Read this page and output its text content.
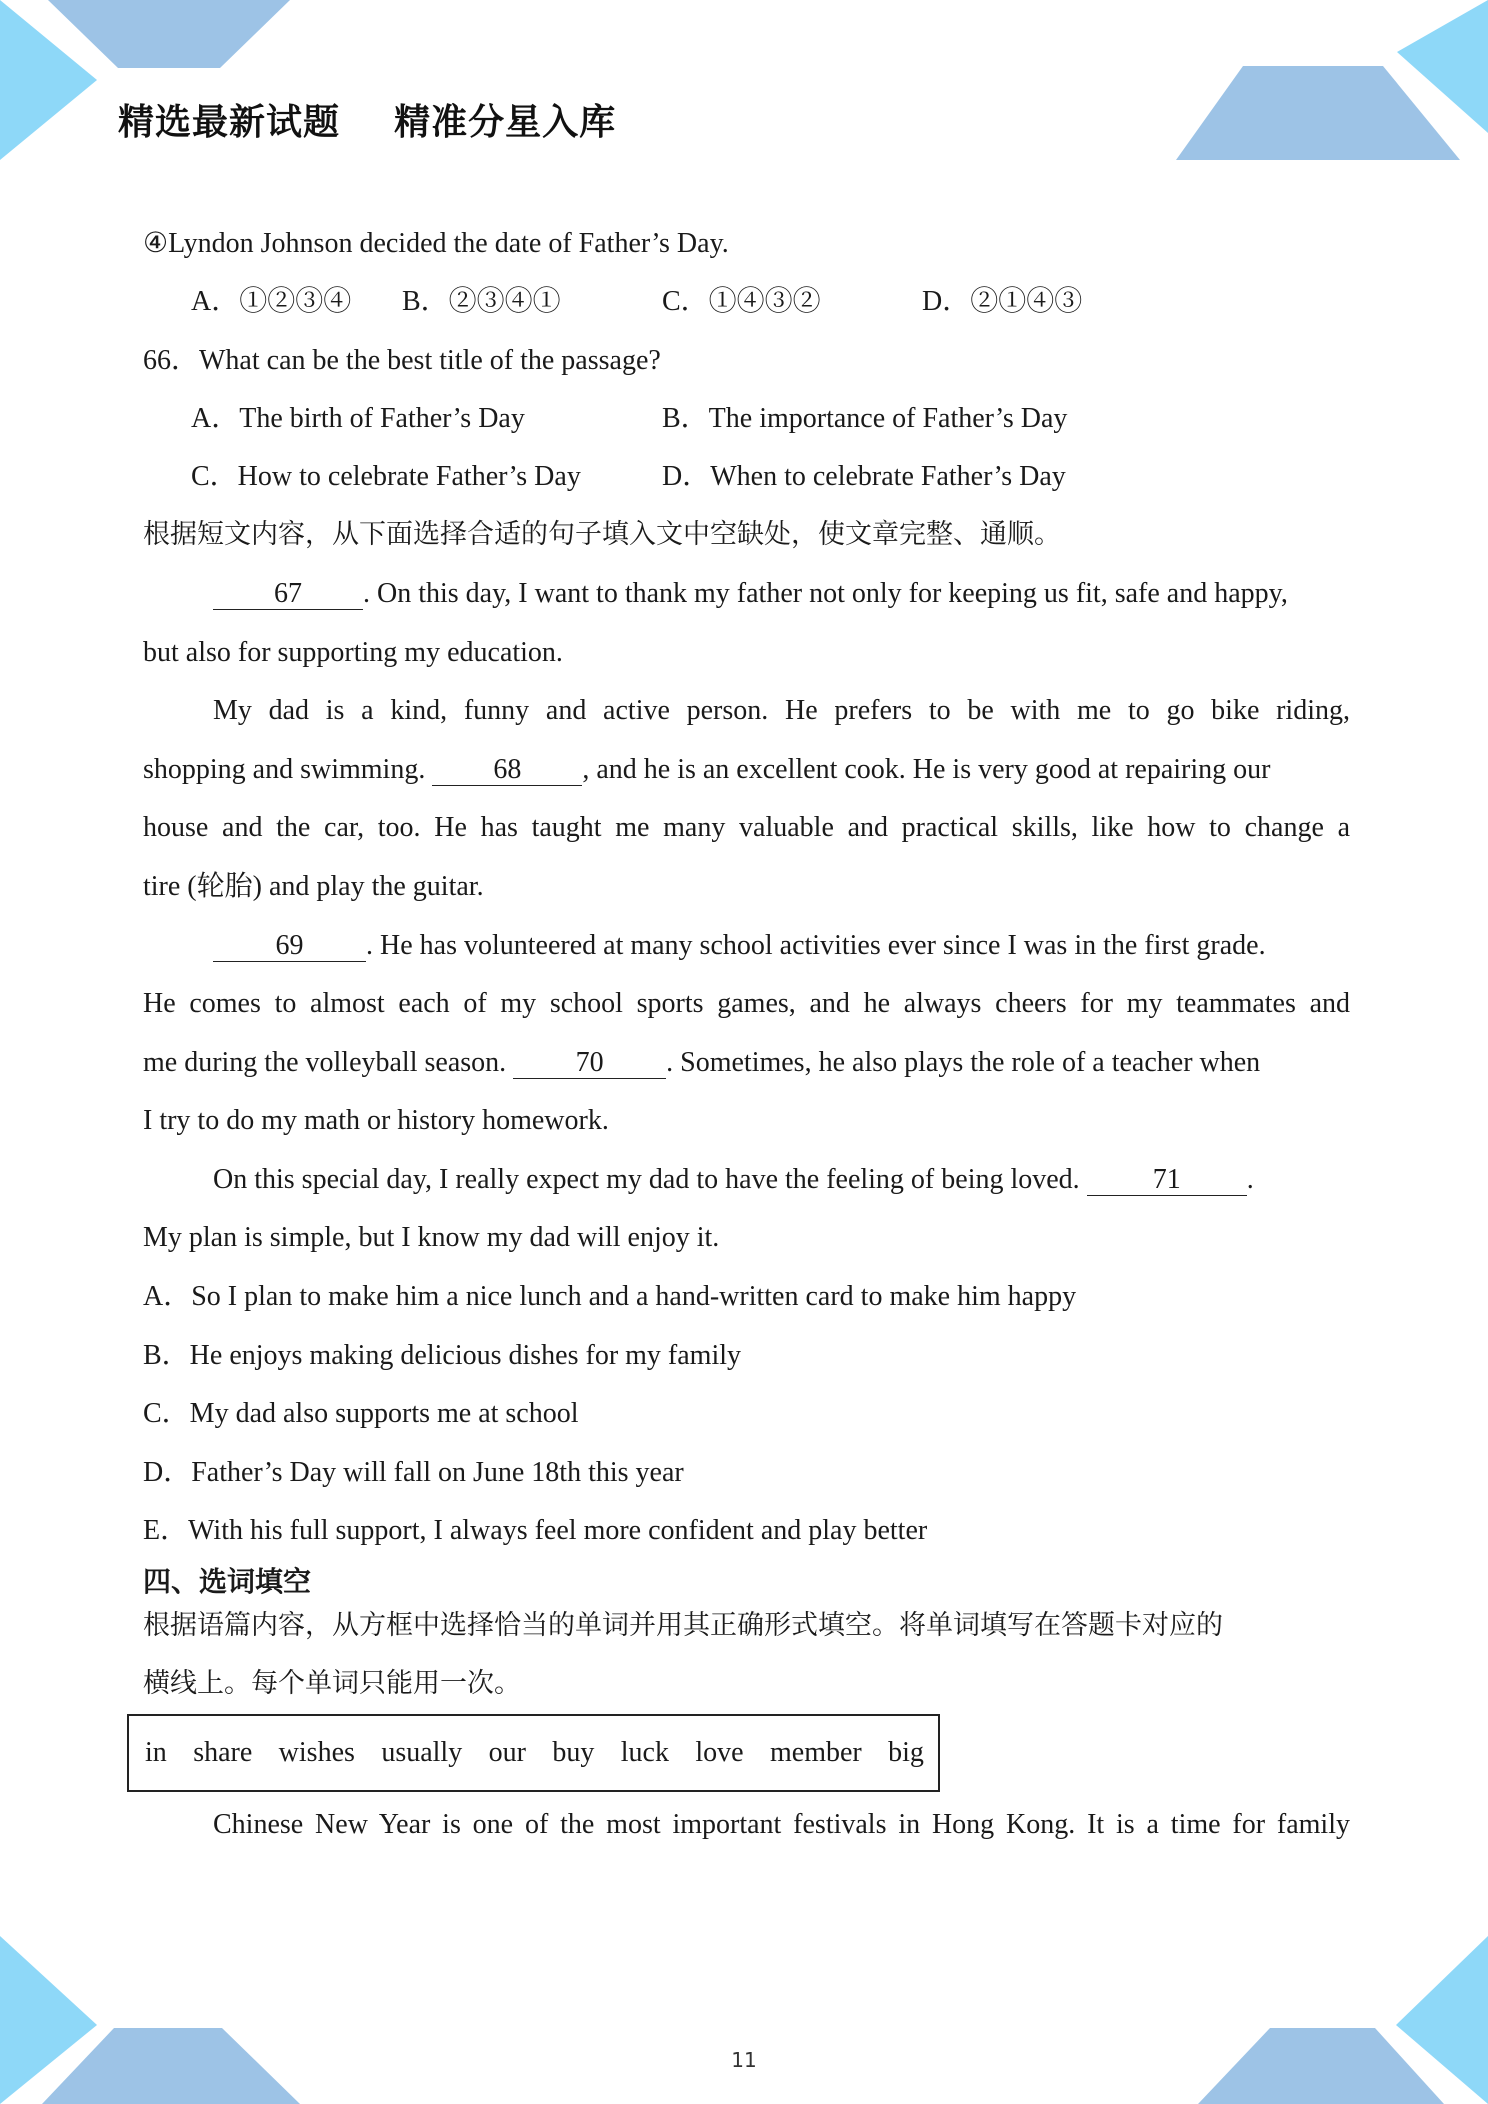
精选最新试题    精准分星入库
④Lyndon Johnson decided the date of Father’s Day.
A．①②③④ B．②③④①	C．①④③②	D．②①④③
66．What can be the best title of the passage?
A．The birth of Father’s Day	B．The importance of Father’s Day
C．How to celebrate Father’s Day	D．When to celebrate Father’s Day
根据短文内容，从下面选择合适的句子填入文中空缺处，使文章完整、通顺。
67 . On this day, I want to thank my father not only for keeping us fit, safe and happy,
but also for supporting my education.
My dad is a kind, funny and active person. He prefers to be with me to go bike riding,
shopping and swimming. 68 , and he is an excellent cook. He is very good at repairing our
house and the car, too. He has taught me many valuable and practical skills, like how to change a
tire (轮胎) and play the guitar.
69 . He has volunteered at many school activities ever since I was in the first grade.
He comes to almost each of my school sports games, and he always cheers for my teammates and
me during the volleyball season. 70 . Sometimes, he also plays the role of a teacher when
I try to do my math or history homework.
On this special day, I really expect my dad to have the feeling of being loved. 71 .
My plan is simple, but I know my dad will enjoy it.
A．So I plan to make him a nice lunch and a hand-written card to make him happy
B．He enjoys making delicious dishes for my family
C．My dad also supports me at school
D．Father’s Day will fall on June 18th this year
E．With his full support, I always feel more confident and play better
四、选词填空
根据语篇内容，从方框中选择恰当的单词并用其正确形式填空。将单词填写在答题卡对应的
横线上。每个单词只能用一次。
in share wishes usually our buy luck love member big
Chinese New Year is one of the most important festivals in Hong Kong. It is a time for family
11
